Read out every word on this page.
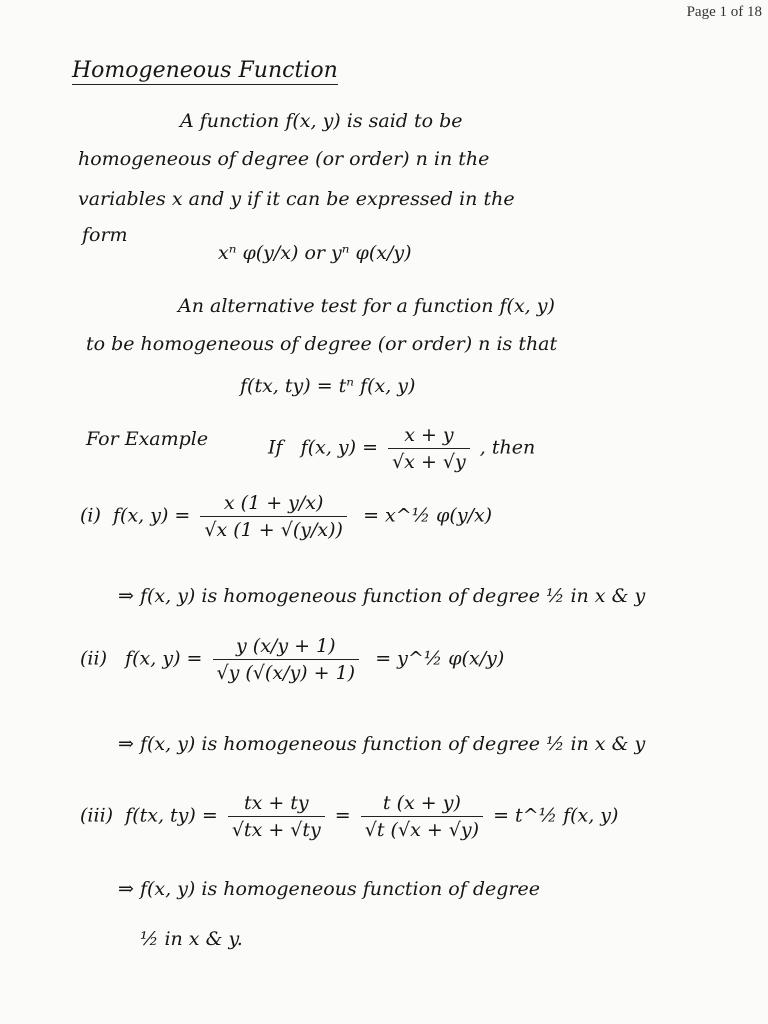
Page 1 of 18
Homogeneous Function
A function f(x, y) is said to be
homogeneous of degree (or order) n in the
variables x and y if it can be expressed in the
form
xⁿ φ(y/x) or yⁿ φ(x/y)
An alternative test for a function f(x, y)
to be homogeneous of degree (or order) n is that
f(tx, ty) = tⁿ f(x, y)
For Example	If f(x, $y) = \frac{x + y}{√x + √y}$ , then
(i) f(x, $y) = \frac{x (1 + y/x)}{√x (1 + √(y/x))}$ = x^½ φ(y/x)
⇒ f(x, y) is homogeneous function of degree ½ in x & y
(ii) f(x, $y) = \frac{y (x/y + 1)}{√y (√(x/y) + 1)}$ = y^½ φ(x/y)
⇒ f(x, y) is homogeneous function of degree ½ in x & y
(iii) f(tx, $ty) = \frac{tx + ty}{√tx + √ty} = \frac{t (x + y)}{√t (√x + √y)}$ = t^½ f(x, y)
⇒ f(x, y) is homogeneous function of degree
½ in x & y.
